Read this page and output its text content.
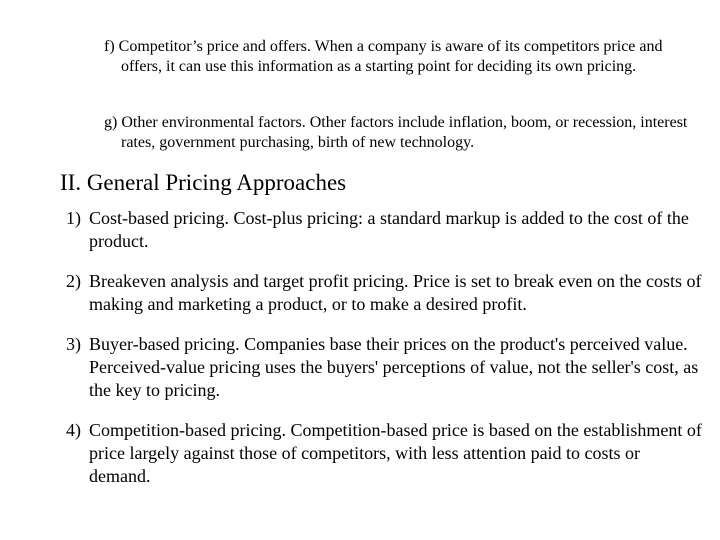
f) Competitor’s price and offers. When a company is aware of its competitors price and offers, it can use this information as a starting point for deciding its own pricing.
g) Other environmental factors. Other factors include inflation, boom, or recession, interest rates, government purchasing, birth of new technology.
II. General Pricing Approaches
1) Cost-based pricing. Cost-plus pricing: a standard markup is added to the cost of the product.
2) Breakeven analysis and target profit pricing. Price is set to break even on the costs of making and marketing a product, or to make a desired profit.
3) Buyer-based pricing. Companies base their prices on the product's perceived value. Perceived-value pricing uses the buyers' perceptions of value, not the seller's cost, as the key to pricing.
4) Competition-based pricing. Competition-based price is based on the establishment of price largely against those of competitors, with less attention paid to costs or demand.
